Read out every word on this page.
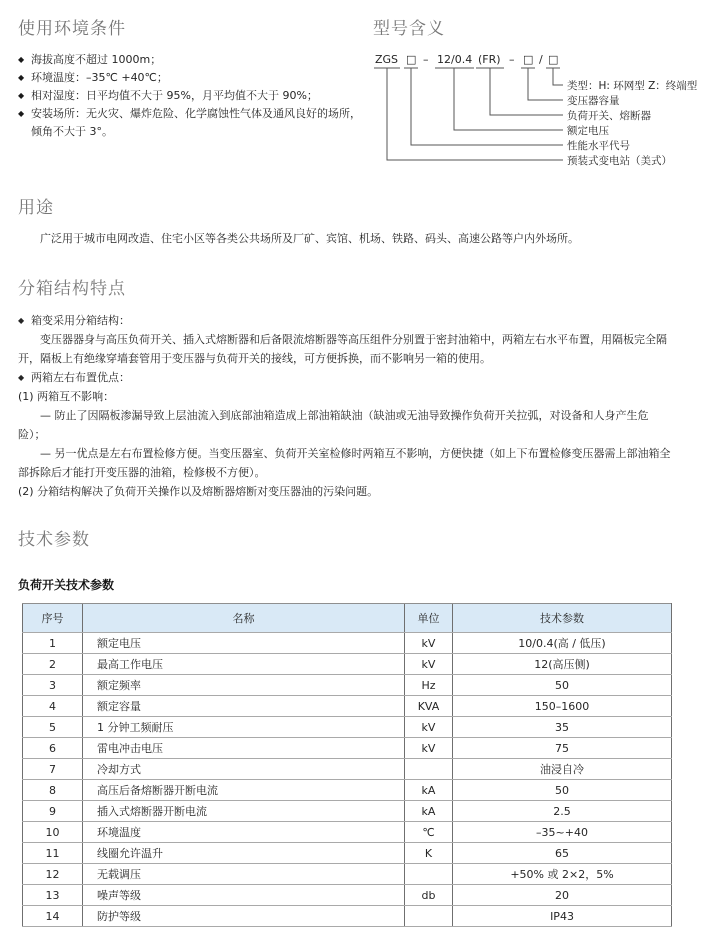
使用环境条件
◆ 海拔高度不超过 1000m；
◆ 环境温度：–35℃ +40℃；
◆ 相对湿度：日平均值不大于 95%，月平均值不大于 90%；
◆ 安装场所：无火灾、爆炸危险、化学腐蚀性气体及通风良好的场所，倾角不大于 3°。
型号含义
ZGS □ – 12/0.4 (FR) – □ / □
类型：H: 环网型 Z：终端型
变压器容量
负荷开关、熔断器
额定电压
性能水平代号
预装式变电站（美式）
用途

广泛用于城市电网改造、住宅小区等各类公共场所及厂矿、宾馆、机场、铁路、码头、高速公路等户内外场所。

分箱结构特点
◆ 箱变采用分箱结构：
变压器器身与高压负荷开关、插入式熔断器和后备限流熔断器等高压组件分别置于密封油箱中，两箱左右水平布置，用隔板完全隔开，隔板上有绝缘穿墙套管用于变压器与负荷开关的接线，可方便拆换，而不影响另一箱的使用。
◆ 两箱左右布置优点：
(1) 两箱互不影响：
— 防止了因隔板渗漏导致上层油流入到底部油箱造成上部油箱缺油（缺油或无油导致操作负荷开关拉弧，对设备和人身产生危险）；
— 另一优点是左右布置检修方便。当变压器室、负荷开关室检修时两箱互不影响，方便快捷（如上下布置检修变压器需上部油箱全部拆除后才能打开变压器的油箱，检修极不方便）。
(2) 分箱结构解决了负荷开关操作以及熔断器熔断对变压器油的污染问题。
技术参数
负荷开关技术参数
序号	名称	单位	技术参数
1	额定电压	kV	10/0.4(高 / 低压)
2	最高工作电压	kV	12(高压侧)
3	额定频率	Hz	50
4	额定容量	KVA	150–1600
5	1 分钟工频耐压	kV	35
6	雷电冲击电压	kV	75
7	冷却方式		油浸自冷
8	高压后备熔断器开断电流	kA	50
9	插入式熔断器开断电流	kA	2.5
10	环境温度	℃	–35~+40
11	线圈允许温升	K	65
12	无载调压		+50% 或 2×2，5%
13	噪声等级	db	20
14	防护等级		IP43
